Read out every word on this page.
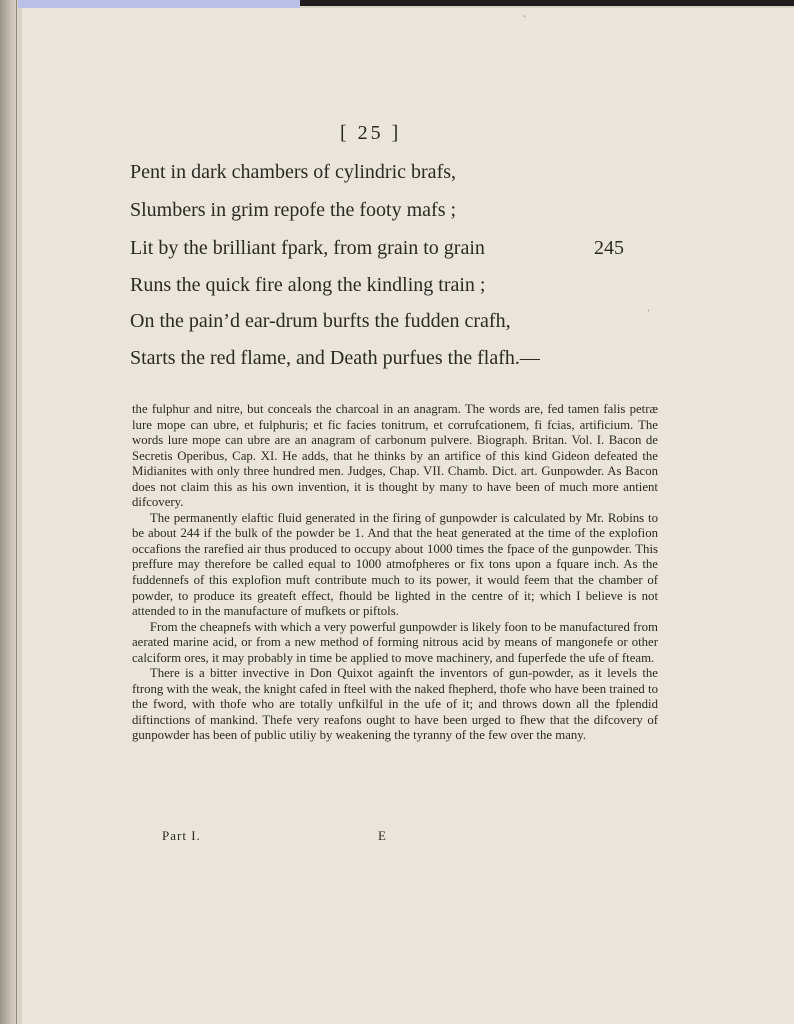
ˋ
ˈ
[ 25 ]
Pent in dark chambers of cylindric brafs,
Slumbers in grim repofe the footy mafs ;
Lit by the brilliant fpark, from grain to grain	245
Runs the quick fire along the kindling train ;
On the pain’d ear-drum burfts the fudden crafh,
Starts the red flame, and Death purfues the flafh.—

the fulphur and nitre, but conceals the charcoal in an anagram. The words are, fed tamen falis petræ lure mope can ubre, et fulphuris; et fic facies tonitrum, et corrufcationem, fi fcias, artificium. The words lure mope can ubre are an anagram of carbonum pulvere. Biograph. Britan. Vol. I. Bacon de Secretis Operibus, Cap. XI. He adds, that he thinks by an artifice of this kind Gideon defeated the Midianites with only three hundred men. Judges, Chap. VII. Chamb. Dict. art. Gunpowder. As Bacon does not claim this as his own invention, it is thought by many to have been of much more antient difcovery.

The permanently elaftic fluid generated in the firing of gunpowder is calculated by Mr. Robins to be about 244 if the bulk of the powder be 1. And that the heat generated at the time of the explofion occafions the rarefied air thus produced to occupy about 1000 times the fpace of the gunpowder. This preffure may therefore be called equal to 1000 atmofpheres or fix tons upon a fquare inch. As the fuddennefs of this explofion muft contribute much to its power, it would feem that the chamber of powder, to produce its greateft effect, fhould be lighted in the centre of it; which I believe is not attended to in the manufacture of mufkets or piftols.

From the cheapnefs with which a very powerful gunpowder is likely foon to be manufactured from aerated marine acid, or from a new method of forming nitrous acid by means of mangonefe or other calciform ores, it may probably in time be applied to move machinery, and fuperfede the ufe of fteam.

There is a bitter invective in Don Quixot againft the inventors of gun-powder, as it levels the ftrong with the weak, the knight cafed in fteel with the naked fhepherd, thofe who have been trained to the fword, with thofe who are totally unfkilful in the ufe of it; and throws down all the fplendid diftinctions of mankind. Thefe very reafons ought to have been urged to fhew that the difcovery of gunpowder has been of public utiliy by weakening the tyranny of the few over the many.

Part I.	E
